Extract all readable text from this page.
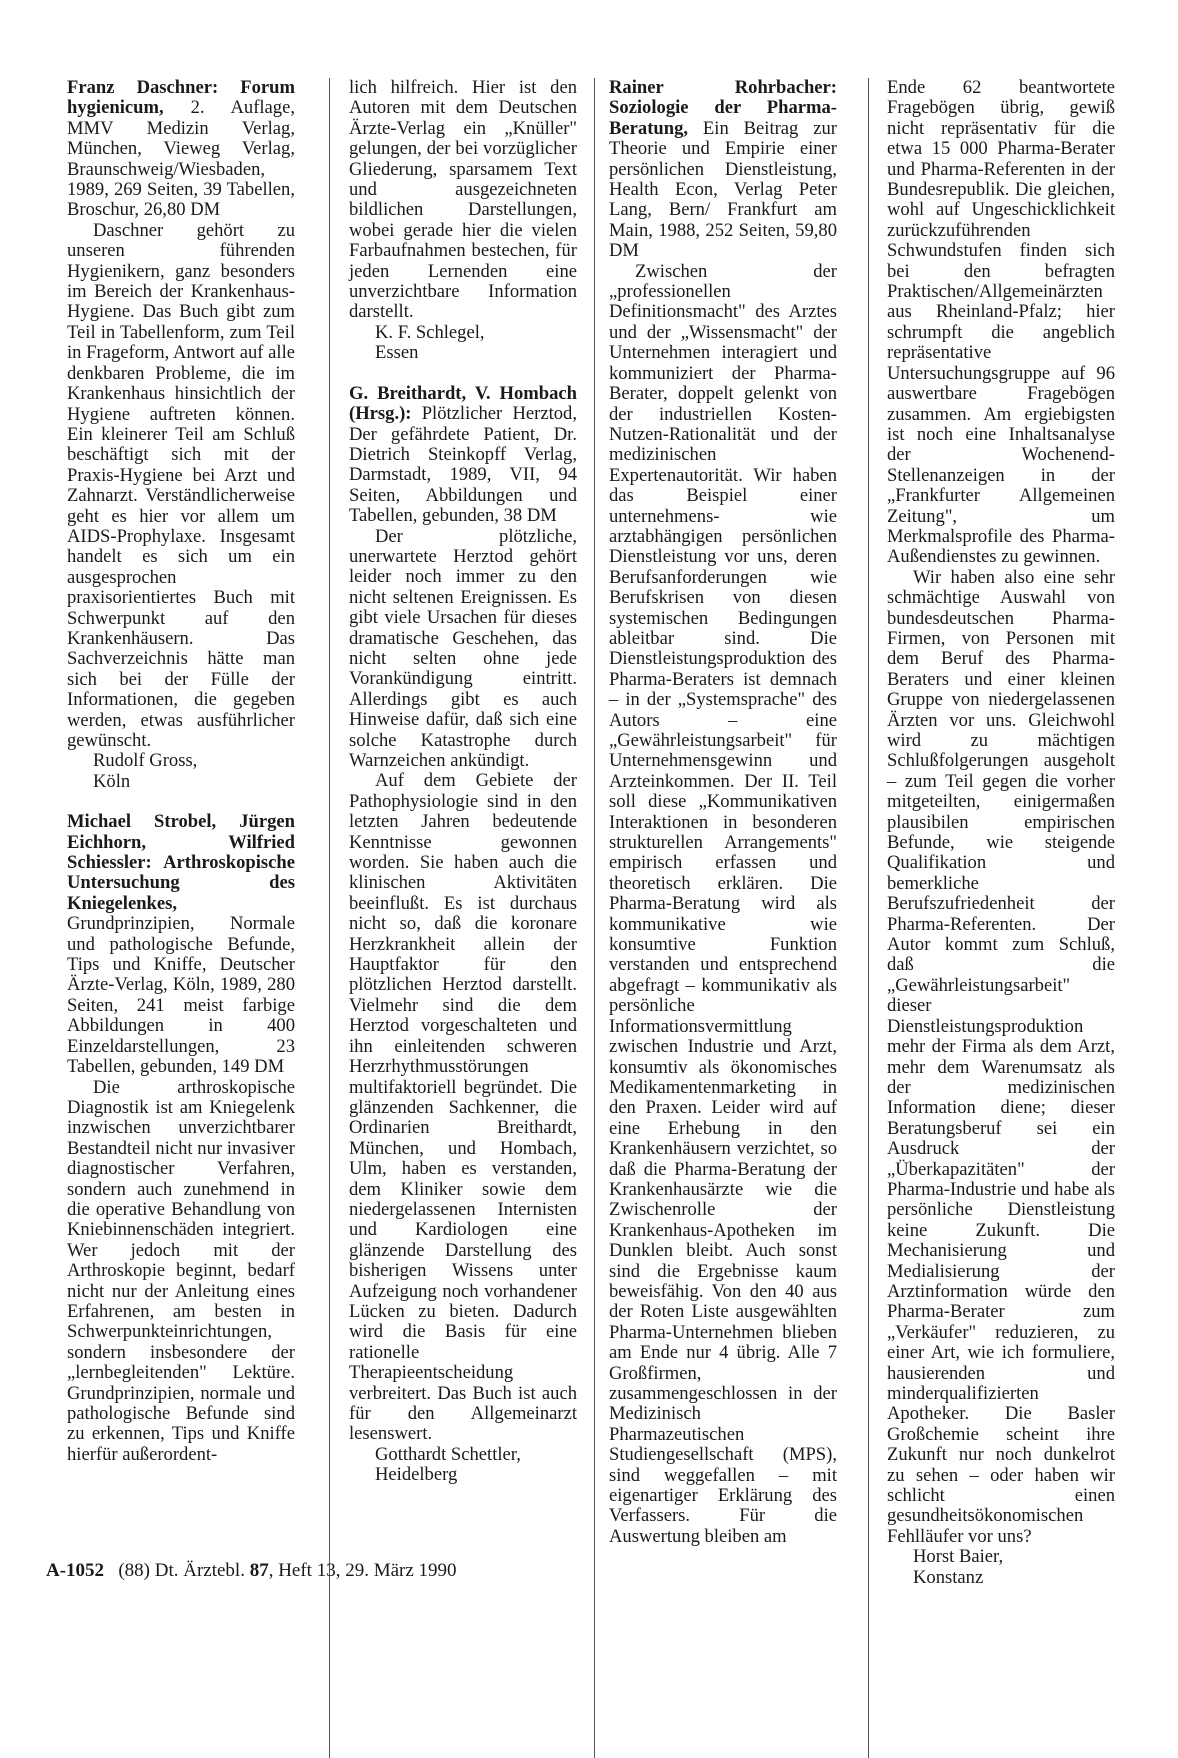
Franz Daschner: Forum hygienicum, 2. Auflage, MMV Medizin Verlag, München, Vieweg Verlag, Braunschweig/Wiesbaden, 1989, 269 Seiten, 39 Tabellen, Broschur, 26,80 DM

Daschner gehört zu unseren führenden Hygienikern, ganz besonders im Bereich der Krankenhaus-Hygiene. Das Buch gibt zum Teil in Tabellenform, zum Teil in Frageform, Antwort auf alle denkbaren Probleme, die im Krankenhaus hinsichtlich der Hygiene auftreten können. Ein kleinerer Teil am Schluß beschäftigt sich mit der Praxis-Hygiene bei Arzt und Zahnarzt. Verständlicherweise geht es hier vor allem um AIDS-Prophylaxe. Insgesamt handelt es sich um ein ausgesprochen praxisorientiertes Buch mit Schwerpunkt auf den Krankenhäusern. Das Sachverzeichnis hätte man sich bei der Fülle der Informationen, die gegeben werden, etwas ausführlicher gewünscht.

Rudolf Gross,

Köln

Michael Strobel, Jürgen Eichhorn, Wilfried Schiessler: Arthroskopische Untersuchung des Kniegelenkes, Grundprinzipien, Normale und pathologische Befunde, Tips und Kniffe, Deutscher Ärzte-Verlag, Köln, 1989, 280 Seiten, 241 meist farbige Abbildungen in 400 Einzeldarstellungen, 23 Tabellen, gebunden, 149 DM

Die arthroskopische Diagnostik ist am Kniegelenk inzwischen unverzichtbarer Bestandteil nicht nur invasiver diagnostischer Verfahren, sondern auch zunehmend in die operative Behandlung von Kniebinnenschäden integriert. Wer jedoch mit der Arthroskopie beginnt, bedarf nicht nur der Anleitung eines Erfahrenen, am besten in Schwerpunkteinrichtungen, sondern insbesondere der „lernbegleitenden" Lektüre. Grundprinzipien, normale und pathologische Befunde sind zu erkennen, Tips und Kniffe hierfür außerordent-

lich hilfreich. Hier ist den Autoren mit dem Deutschen Ärzte-Verlag ein „Knüller" gelungen, der bei vorzüglicher Gliederung, sparsamem Text und ausgezeichneten bildlichen Darstellungen, wobei gerade hier die vielen Farbaufnahmen bestechen, für jeden Lernenden eine unverzichtbare Information darstellt.

K. F. Schlegel,

Essen

G. Breithardt, V. Hombach (Hrsg.): Plötzlicher Herztod, Der gefährdete Patient, Dr. Dietrich Steinkopff Verlag, Darmstadt, 1989, VII, 94 Seiten, Abbildungen und Tabellen, gebunden, 38 DM

Der plötzliche, unerwartete Herztod gehört leider noch immer zu den nicht seltenen Ereignissen. Es gibt viele Ursachen für dieses dramatische Geschehen, das nicht selten ohne jede Vorankündigung eintritt. Allerdings gibt es auch Hinweise dafür, daß sich eine solche Katastrophe durch Warnzeichen ankündigt.

Auf dem Gebiete der Pathophysiologie sind in den letzten Jahren bedeutende Kenntnisse gewonnen worden. Sie haben auch die klinischen Aktivitäten beeinflußt. Es ist durchaus nicht so, daß die koronare Herzkrankheit allein der Hauptfaktor für den plötzlichen Herztod darstellt. Vielmehr sind die dem Herztod vorgeschalteten und ihn einleitenden schweren Herzrhythmusstörungen multifaktoriell begründet. Die glänzenden Sachkenner, die Ordinarien Breithardt, München, und Hombach, Ulm, haben es verstanden, dem Kliniker sowie dem niedergelassenen Internisten und Kardiologen eine glänzende Darstellung des bisherigen Wissens unter Aufzeigung noch vorhandener Lücken zu bieten. Dadurch wird die Basis für eine rationelle Therapieentscheidung verbreitert. Das Buch ist auch für den Allgemeinarzt lesenswert.

Gotthardt Schettler,

Heidelberg

Rainer Rohrbacher: Soziologie der Pharma-Beratung, Ein Beitrag zur Theorie und Empirie einer persönlichen Dienstleistung, Health Econ, Verlag Peter Lang, Bern/ Frankfurt am Main, 1988, 252 Seiten, 59,80 DM

Zwischen der „professionellen Definitionsmacht" des Arztes und der „Wissensmacht" der Unternehmen interagiert und kommuniziert der Pharma-Berater, doppelt gelenkt von der industriellen Kosten-Nutzen-Rationalität und der medizinischen Expertenautorität. Wir haben das Beispiel einer unternehmens- wie arztabhängigen persönlichen Dienstleistung vor uns, deren Berufsanforderungen wie Berufskrisen von diesen systemischen Bedingungen ableitbar sind. Die Dienstleistungsproduktion des Pharma-Beraters ist demnach – in der „Systemsprache" des Autors – eine „Gewährleistungsarbeit" für Unternehmensgewinn und Arzteinkommen. Der II. Teil soll diese „Kommunikativen Interaktionen in besonderen strukturellen Arrangements" empirisch erfassen und theoretisch erklären. Die Pharma-Beratung wird als kommunikative wie konsumtive Funktion verstanden und entsprechend abgefragt – kommunikativ als persönliche Informationsvermittlung zwischen Industrie und Arzt, konsumtiv als ökonomisches Medikamentenmarketing in den Praxen. Leider wird auf eine Erhebung in den Krankenhäusern verzichtet, so daß die Pharma-Beratung der Krankenhausärzte wie die Zwischenrolle der Krankenhaus-Apotheken im Dunklen bleibt. Auch sonst sind die Ergebnisse kaum beweisfähig. Von den 40 aus der Roten Liste ausgewählten Pharma-Unternehmen blieben am Ende nur 4 übrig. Alle 7 Großfirmen, zusammengeschlossen in der Medizinisch Pharmazeutischen Studiengesellschaft (MPS), sind weggefallen – mit eigenartiger Erklärung des Verfassers. Für die Auswertung bleiben am

Ende 62 beantwortete Fragebögen übrig, gewiß nicht repräsentativ für die etwa 15 000 Pharma-Berater und Pharma-Referenten in der Bundesrepublik. Die gleichen, wohl auf Ungeschicklichkeit zurückzuführenden Schwundstufen finden sich bei den befragten Praktischen/Allgemeinärzten aus Rheinland-Pfalz; hier schrumpft die angeblich repräsentative Untersuchungsgruppe auf 96 auswertbare Fragebögen zusammen. Am ergiebigsten ist noch eine Inhaltsanalyse der Wochenend-Stellenanzeigen in der „Frankfurter Allgemeinen Zeitung", um Merkmalsprofile des Pharma-Außendienstes zu gewinnen.

Wir haben also eine sehr schmächtige Auswahl von bundesdeutschen Pharma-Firmen, von Personen mit dem Beruf des Pharma-Beraters und einer kleinen Gruppe von niedergelassenen Ärzten vor uns. Gleichwohl wird zu mächtigen Schlußfolgerungen ausgeholt – zum Teil gegen die vorher mitgeteilten, einigermaßen plausibilen empirischen Befunde, wie steigende Qualifikation und bemerkliche Berufszufriedenheit der Pharma-Referenten. Der Autor kommt zum Schluß, daß die „Gewährleistungsarbeit" dieser Dienstleistungsproduktion mehr der Firma als dem Arzt, mehr dem Warenumsatz als der medizinischen Information diene; dieser Beratungsberuf sei ein Ausdruck der „Überkapazitäten" der Pharma-Industrie und habe als persönliche Dienstleistung keine Zukunft. Die Mechanisierung und Medialisierung der Arztinformation würde den Pharma-Berater zum „Verkäufer" reduzieren, zu einer Art, wie ich formuliere, hausierenden und minderqualifizierten Apotheker. Die Basler Großchemie scheint ihre Zukunft nur noch dunkelrot zu sehen – oder haben wir schlicht einen gesundheitsökonomischen Fehlläufer vor uns?

Horst Baier,

Konstanz

A-1052 (88) Dt. Ärztebl. 87, Heft 13, 29. März 1990
